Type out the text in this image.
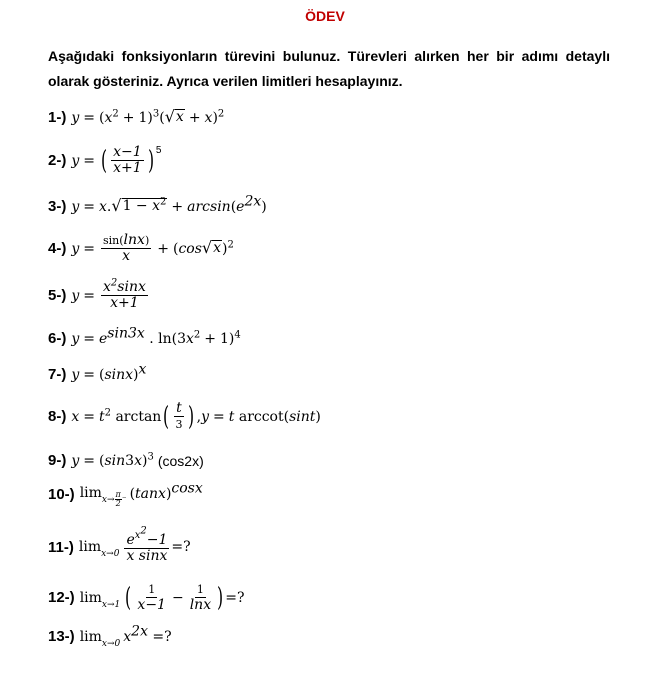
ÖDEV
Aşağıdaki fonksiyonların türevini bulunuz. Türevleri alırken her bir adımı detaylı olarak gösteriniz. Ayrıca verilen limitleri hesaplayınız.
1-) $y = (x^2 + 1)^3$( √ x + x)$^2$
2-) y = ( $\frac{x-1}{x+1} )^5$
3-) y = x. √ $1 - x^2 + \arcsin(e^{2x})$
4-) $y = \frac{\sin(\ln x)}{x} + (\cos$ √ x )$^2$
5-) $y = \frac{x^2\sin x}{x+1}$
6-) $y = e^{sin3x}$ . $\ln(3x^2 + 1)^4$
7-) $y = (\sin x)^x$
8-) $x = t^2$ arctan ( $\frac{t}{3}$ ) ,y = t arccot(sint)
9-) $y = (\sin 3x)^3$ (cos2x)
10-) $\lim x\to \frac{\pi}{2}$ ⁻ $(\tan x)^{cosx}$
11-) $\lim x\to 0 \frac{e^{x^2}-1}{\text{x sinx}}$ =?
12-) lim x→1 ( $\frac{1}{x-1} - \frac{1}{\ln x}$ ) =?
13-) lim x→0 $x^{2x}$ =?
